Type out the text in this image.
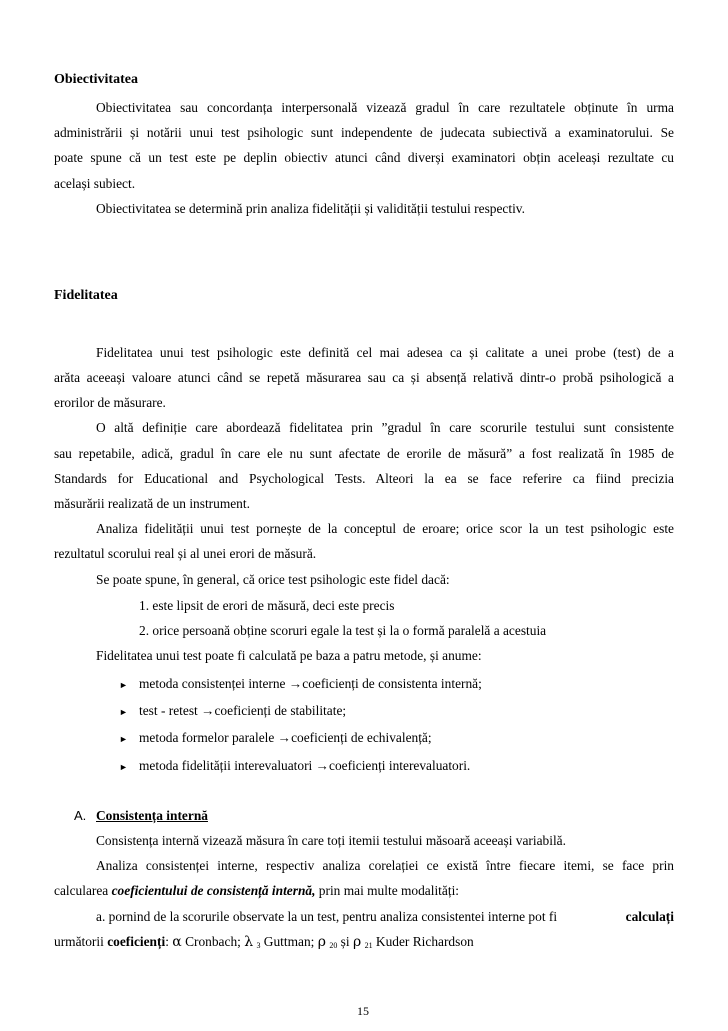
Obiectivitatea
Obiectivitatea sau concordanța interpersonală vizează gradul în care rezultatele obținute în urma
administrării și notării unui test psihologic sunt independente de judecata subiectivă a examinatorului. Se
poate spune că un test este pe deplin obiectiv atunci când diverși examinatori obțin aceleași rezultate cu
același subiect.
Obiectivitatea se determină prin analiza fidelității și validității testului respectiv.
Fidelitatea
Fidelitatea unui test psihologic este definită cel mai adesea ca și calitate a unei probe (test) de a
arăta aceeași valoare atunci când se repetă măsurarea sau ca și absență relativă dintr-o probă psihologică a
erorilor de măsurare.
O altă definiție care abordează fidelitatea prin ”gradul în care scorurile testului sunt consistente
sau repetabile, adică, gradul în care ele nu sunt afectate de erorile de măsură” a fost realizată în 1985 de
Standards for Educational and Psychological Tests. Alteori la ea se face referire ca fiind precizia
măsurării realizată de un instrument.
Analiza fidelității unui test pornește de la conceptul de eroare; orice scor la un test psihologic este
rezultatul scorului real și al unei erori de măsură.
Se poate spune, în general, că orice test psihologic este fidel dacă:
1. este lipsit de erori de măsură, deci este precis
2. orice persoană obține scoruri egale la test și la o formă paralelă a acestuia
Fidelitatea unui test poate fi calculată pe baza a patru metode, și anume:
► metoda consistenței interne →coeficienți de consistenta internă;
► test - retest →coeficienți de stabilitate;
► metoda formelor paralele →coeficienți de echivalență;
► metoda fidelității interevaluatori →coeficienți interevaluatori.
A. Consistența internă
Consistența internă vizează măsura în care toți itemii testului măsoară aceeași variabilă.
Analiza consistenței interne, respectiv analiza corelației ce există între fiecare itemi, se face prin
calcularea coeficientului de consistență internă, prin mai multe modalități:
a. pornind de la scorurile observate la un test, pentru analiza consistentei interne pot fi	calculați
următorii coeficienți: α Cronbach; λ $_3$ Guttman; ρ $_{20}$ și ρ $_{21}$ Kuder Richardson
15
